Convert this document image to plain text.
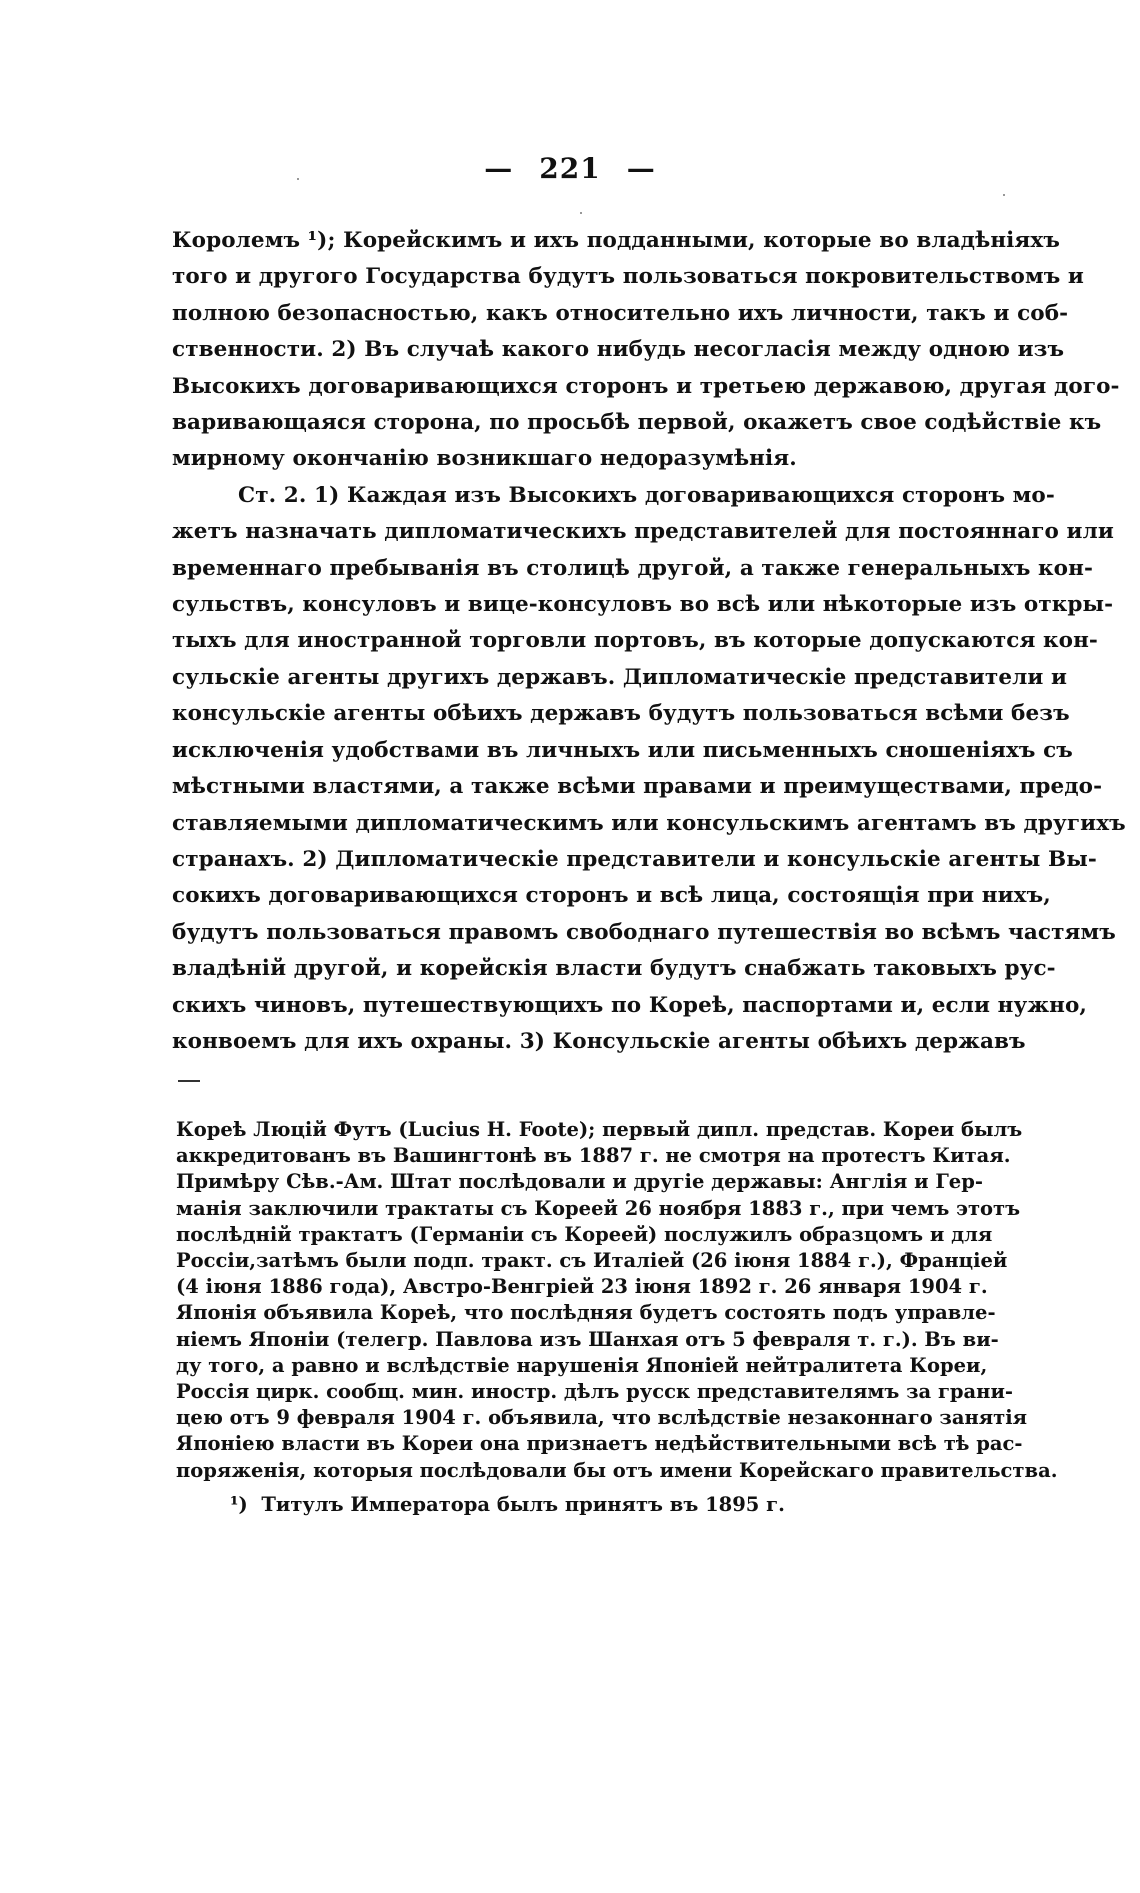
— 221 —
Королемъ ¹); Корейскимъ и ихъ подданными, которые во владѣніяхъ
того и другого Государства будутъ пользоваться покровительствомъ и
полною безопасностью, какъ относительно ихъ личности, такъ и соб-
ственности. 2) Въ случаѣ какого нибудь несогласія между одною изъ
Высокихъ договаривающихся сторонъ и третьею державою, другая дого-
варивающаяся сторона, по просьбѣ первой, окажетъ свое содѣйствіе къ
мирному окончанію возникшаго недоразумѣнія.
Ст. 2. 1) Каждая изъ Высокихъ договаривающихся сторонъ мо-
жетъ назначать дипломатическихъ представителей для постояннаго или
временнаго пребыванія въ столицѣ другой, а также генеральныхъ кон-
сульствъ, консуловъ и вице-консуловъ во всѣ или нѣкоторые изъ откры-
тыхъ для иностранной торговли портовъ, въ которые допускаются кон-
сульскіе агенты другихъ державъ. Дипломатическіе представители и
консульскіе агенты обѣихъ державъ будутъ пользоваться всѣми безъ
исключенія удобствами въ личныхъ или письменныхъ сношеніяхъ съ
мѣстными властями, а также всѣми правами и преимуществами, предо-
ставляемыми дипломатическимъ или консульскимъ агентамъ въ другихъ
странахъ. 2) Дипломатическіе представители и консульскіе агенты Вы-
сокихъ договаривающихся сторонъ и всѣ лица, состоящія при нихъ,
будутъ пользоваться правомъ свободнаго путешествія во всѣмъ частямъ
владѣній другой, и корейскія власти будутъ снабжать таковыхъ рус-
скихъ чиновъ, путешествующихъ по Кореѣ, паспортами и, если нужно,
конвоемъ для ихъ охраны. 3) Консульскіе агенты обѣихъ державъ
Кореѣ Люцій Футъ (Lucius H. Foote); первый дипл. представ. Кореи былъ
аккредитованъ въ Вашингтонѣ въ 1887 г. не смотря на протестъ Китая.
Примѣру Сѣв.-Ам. Штат послѣдовали и другіе державы: Англія и Гер-
манія заключили трактаты съ Кореей 26 ноября 1883 г., при чемъ этотъ
послѣдній трактатъ (Германіи съ Кореей) послужилъ образцомъ и для
Россіи,затѣмъ были подп. тракт. съ Италіей (26 іюня 1884 г.), Франціей
(4 іюня 1886 года), Австро-Венгріей 23 іюня 1892 г. 26 января 1904 г.
Японія объявила Кореѣ, что послѣдняя будетъ состоять подъ управле-
ніемъ Японіи (телегр. Павлова изъ Шанхая отъ 5 февраля т. г.). Въ ви-
ду того, а равно и вслѣдствіе нарушенія Японіей нейтралитета Кореи,
Россія цирк. сообщ. мин. иностр. дѣлъ русск представителямъ за грани-
цею отъ 9 февраля 1904 г. объявила, что вслѣдствіе незаконнаго занятія
Японіею власти въ Кореи она признаетъ недѣйствительными всѣ тѣ рас-
поряженія, которыя послѣдовали бы отъ имени Корейскаго правительства.
¹) Титулъ Императора былъ принятъ въ 1895 г.
